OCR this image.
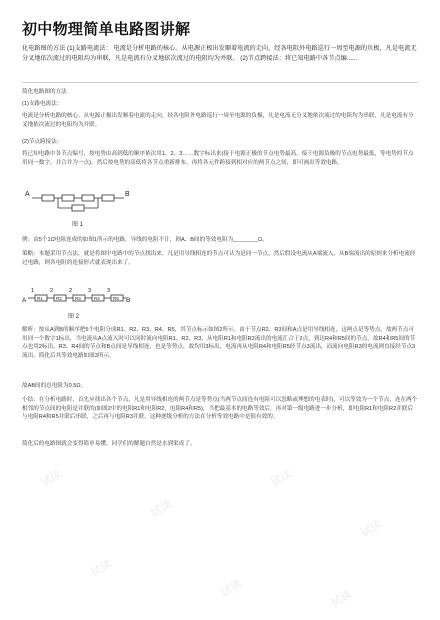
初中物理简单电路图讲解

化电路图的方法 (1)支路电流法： 电流是分析电路的核心。从电源正极出发顺着电流的走向，经各电阻外电路巡行一周至电源的负极，凡是电流无分叉地依次流过的电阻均为串联，凡是电流有分叉地依次流过的电阻均为并联。 (2)节点跨接法：将已知电路中各节点编......

简化电路图的方法

(1)支路电流法：

电流是分析电路的核心。从电源正极出发顺着电流的走向，经各电阻外电路巡行一周至电源的负极，凡是电流无分叉地依次流过的电阻均为串联，凡是电流有分叉地依次流过的电阻均为并联。

(2)节点跨接法：

将已知电路中各节点编号，按电势由高到低的顺序依次用1、2、3……数字标出来(接于电源正极的节点电势最高，接于电源负极的节点电势最低，等电势的节点用同一数字，并合并为一点)。然后按电势的高低将各节点重新排布，再将各元件跨接到相对应的两节点之间，即可画出等效电路。

A	B
图 1

例：由5个1Ω电阻连成的如图1所示的电路，导线的电阻不计，则A、B间的等效电阻为________Ω。

策略：本题采用节点法，就是将图中电路中的节点找出来，凡是用导线相连的节点可认为是同一节点，然后假设电流从A端流入，从B端流出的原则来分析电流经过电路，则各电阻的连接形式就表现出来了。

R1	R2	R3	R4	R5
1	2	2	3	3
A	B
图 2

解析：按从A到B的顺序把5个电阻分成R1、R2、R3、R4、R5，其节点标示如图2所示。由于节点R2、R3间和A点是用导线相连，这两点是等势点，故两节点可用同一个数字1标出，当电流从A点流入时可以同时流向电阻R1、R2、R3，从电阻R1和电阻R2流出的电流汇合于2点，到达R4和R5间的节点，故R4和R5间的节点也用2标出，R3、R4间的节点和B点间是导线相连，也是等势点，故均用3标出，电流再从电阻R4和电阻R5经节点3流出，而流向电阻R3的电流则直接经节点3流出，简化后其等效电路如图3所示。

故AB间的总电阻为0.5Ω。

小结：在分析电路时，首先应找出各个节点，凡是用导线相连的两节点是等势点(当两节点间连有电阻可以忽略或理想的电表时)，可以等效为一个节点，连在两个相邻的节点间的电阻是并联的(如图2中的电阻R1和电阻R2，电阻R4和R5)，当把最基本的电路等效后，再对第一级电路进一步分析，即电阻R1和电阻R2并联后与电阻R4和R5并联后串联，之后再与电阻R3并联，这种逐级分析的方法在分析等效电路中是很有效的。

简化后的电路图就会变得简单易懂，同学们的解题自然是水到渠成了。

试读
试读
试读
试读
试读
试读	试读
